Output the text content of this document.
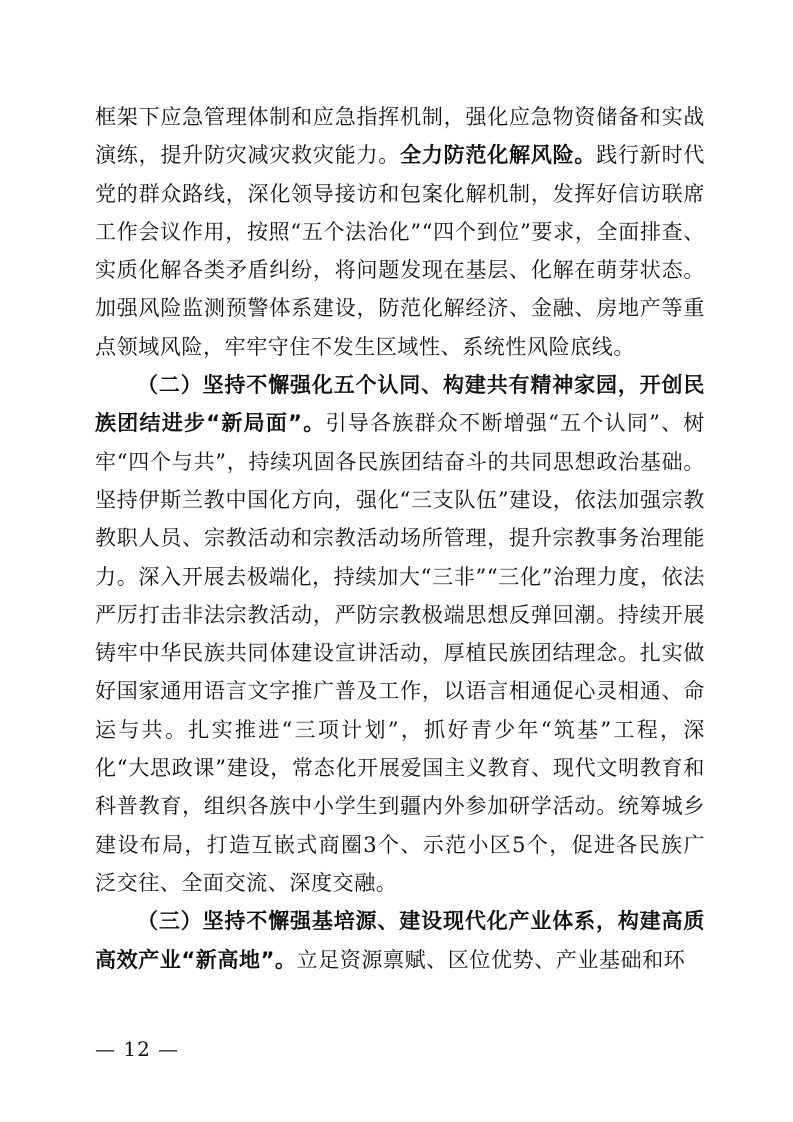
框架下应急管理体制和应急指挥机制，强化应急物资储备和实战演练，提升防灾减灾救灾能力。全力防范化解风险。践行新时代党的群众路线，深化领导接访和包案化解机制，发挥好信访联席工作会议作用，按照“五个法治化”“四个到位”要求，全面排查、实质化解各类矛盾纠纷，将问题发现在基层、化解在萌芽状态。加强风险监测预警体系建设，防范化解经济、金融、房地产等重点领域风险，牢牢守住不发生区域性、系统性风险底线。

（二）坚持不懈强化五个认同、构建共有精神家园，开创民族团结进步“新局面”。引导各族群众不断增强“五个认同”、树牢“四个与共”，持续巩固各民族团结奋斗的共同思想政治基础。坚持伊斯兰教中国化方向，强化“三支队伍”建设，依法加强宗教教职人员、宗教活动和宗教活动场所管理，提升宗教事务治理能力。深入开展去极端化，持续加大“三非”“三化”治理力度，依法严厉打击非法宗教活动，严防宗教极端思想反弹回潮。持续开展铸牢中华民族共同体建设宣讲活动，厚植民族团结理念。扎实做好国家通用语言文字推广普及工作，以语言相通促心灵相通、命运与共。扎实推进“三项计划”，抓好青少年“筑基”工程，深化“大思政课”建设，常态化开展爱国主义教育、现代文明教育和科普教育，组织各族中小学生到疆内外参加研学活动。统筹城乡建设布局，打造互嵌式商圈3个、示范小区5个，促进各民族广泛交往、全面交流、深度交融。

（三）坚持不懈强基培源、建设现代化产业体系，构建高质高效产业“新高地”。立足资源禀赋、区位优势、产业基础和环

— 12 —
